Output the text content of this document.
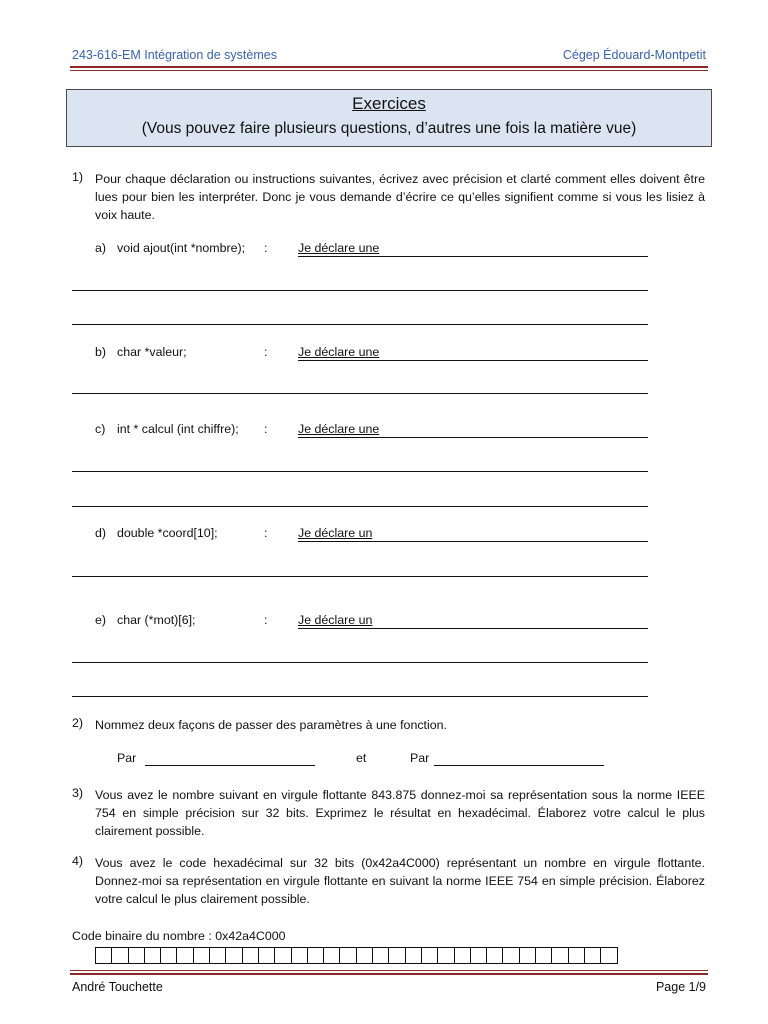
243-616-EM Intégration de systèmes	Cégep Édouard-Montpetit
Exercices
(Vous pouvez faire plusieurs questions, d’autres une fois la matière vue)
1) Pour chaque déclaration ou instructions suivantes, écrivez avec précision et clarté comment elles doivent être lues pour bien les interpréter. Donc je vous demande d’écrire ce qu’elles signifient comme si vous les lisiez à voix haute.
a) void ajout(int *nombre); : Je déclare une
b) char *valeur;	: Je déclare une
c) int * calcul (int chiffre); : Je déclare une
d) double *coord[10];	: Je déclare un
e) char (*mot)[6];	: Je déclare un
2) Nommez deux façons de passer des paramètres à une fonction.
Par	et	Par
3) Vous avez le nombre suivant en virgule flottante 843.875 donnez-moi sa représentation sous la norme IEEE 754 en simple précision sur 32 bits. Exprimez le résultat en hexadécimal. Élaborez votre calcul le plus clairement possible.
4) Vous avez le code hexadécimal sur 32 bits (0x42a4C000) représentant un nombre en virgule flottante. Donnez-moi sa représentation en virgule flottante en suivant la norme IEEE 754 en simple précision. Élaborez votre calcul le plus clairement possible.
Code binaire du nombre : 0x42a4C000
André Touchette	Page 1/9
